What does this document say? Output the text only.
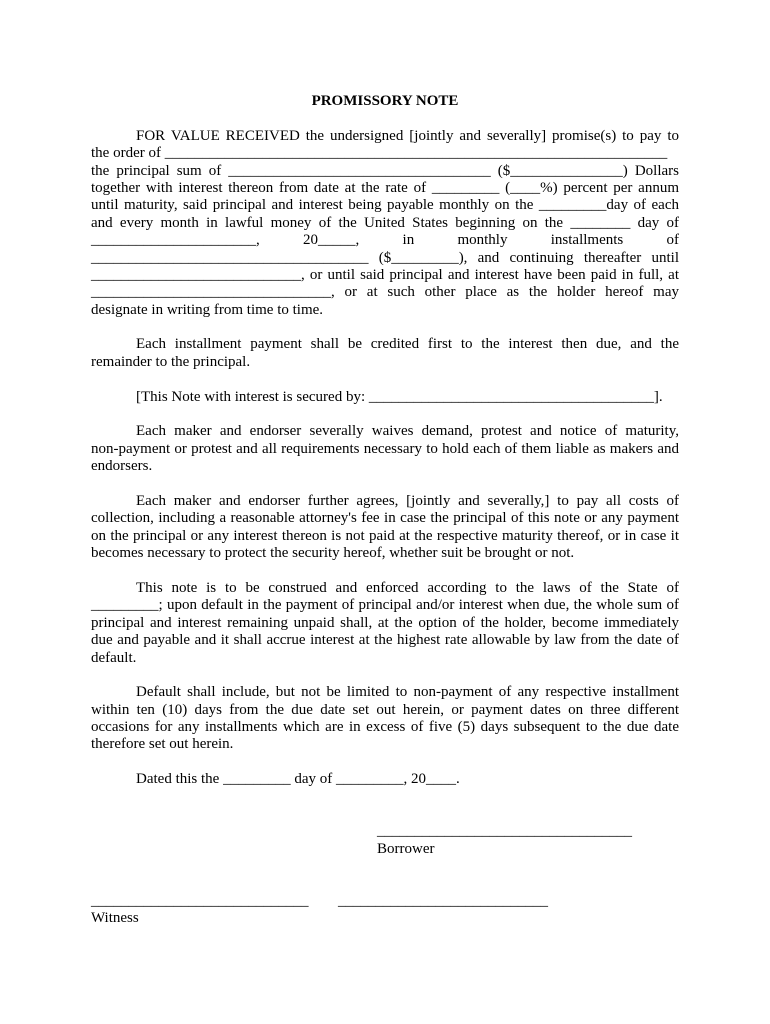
PROMISSORY NOTE
FOR VALUE RECEIVED the undersigned [jointly and severally] promise(s) to pay to
the order of ___________________________________________________________________
the principal sum of ___________________________________ ($_______________) Dollars
together with interest thereon from date at the rate of _________ (____%) percent per annum
until maturity, said principal and interest being payable monthly on the _________day of each
and every month in lawful money of the United States beginning on the ________ day of
______________________, 20_____, in monthly installments of
_____________________________________ ($_________), and continuing thereafter until
____________________________, or until said principal and interest have been paid in full, at
________________________________, or at such other place as the holder hereof may
designate in writing from time to time.
Each installment payment shall be credited first to the interest then due, and the
remainder to the principal.
[This Note with interest is secured by: ______________________________________].
Each maker and endorser severally waives demand, protest and notice of maturity,
non-payment or protest and all requirements necessary to hold each of them liable as makers and
endorsers.
Each maker and endorser further agrees, [jointly and severally,] to pay all costs of
collection, including a reasonable attorney's fee in case the principal of this note or any payment
on the principal or any interest thereon is not paid at the respective maturity thereof, or in case it
becomes necessary to protect the security hereof, whether suit be brought or not.
This note is to be construed and enforced according to the laws of the State of
_________; upon default in the payment of principal and/or interest when due, the whole sum of
principal and interest remaining unpaid shall, at the option of the holder, become immediately
due and payable and it shall accrue interest at the highest rate allowable by law from the date of
default.
Default shall include, but not be limited to non-payment of any respective installment
within ten (10) days from the due date set out herein, or payment dates on three different
occasions for any installments which are in excess of five (5) days subsequent to the due date
therefore set out herein.
Dated this the _________ day of _________, 20____.
__________________________________
Borrower
_____________________________ ____________________________
Witness
